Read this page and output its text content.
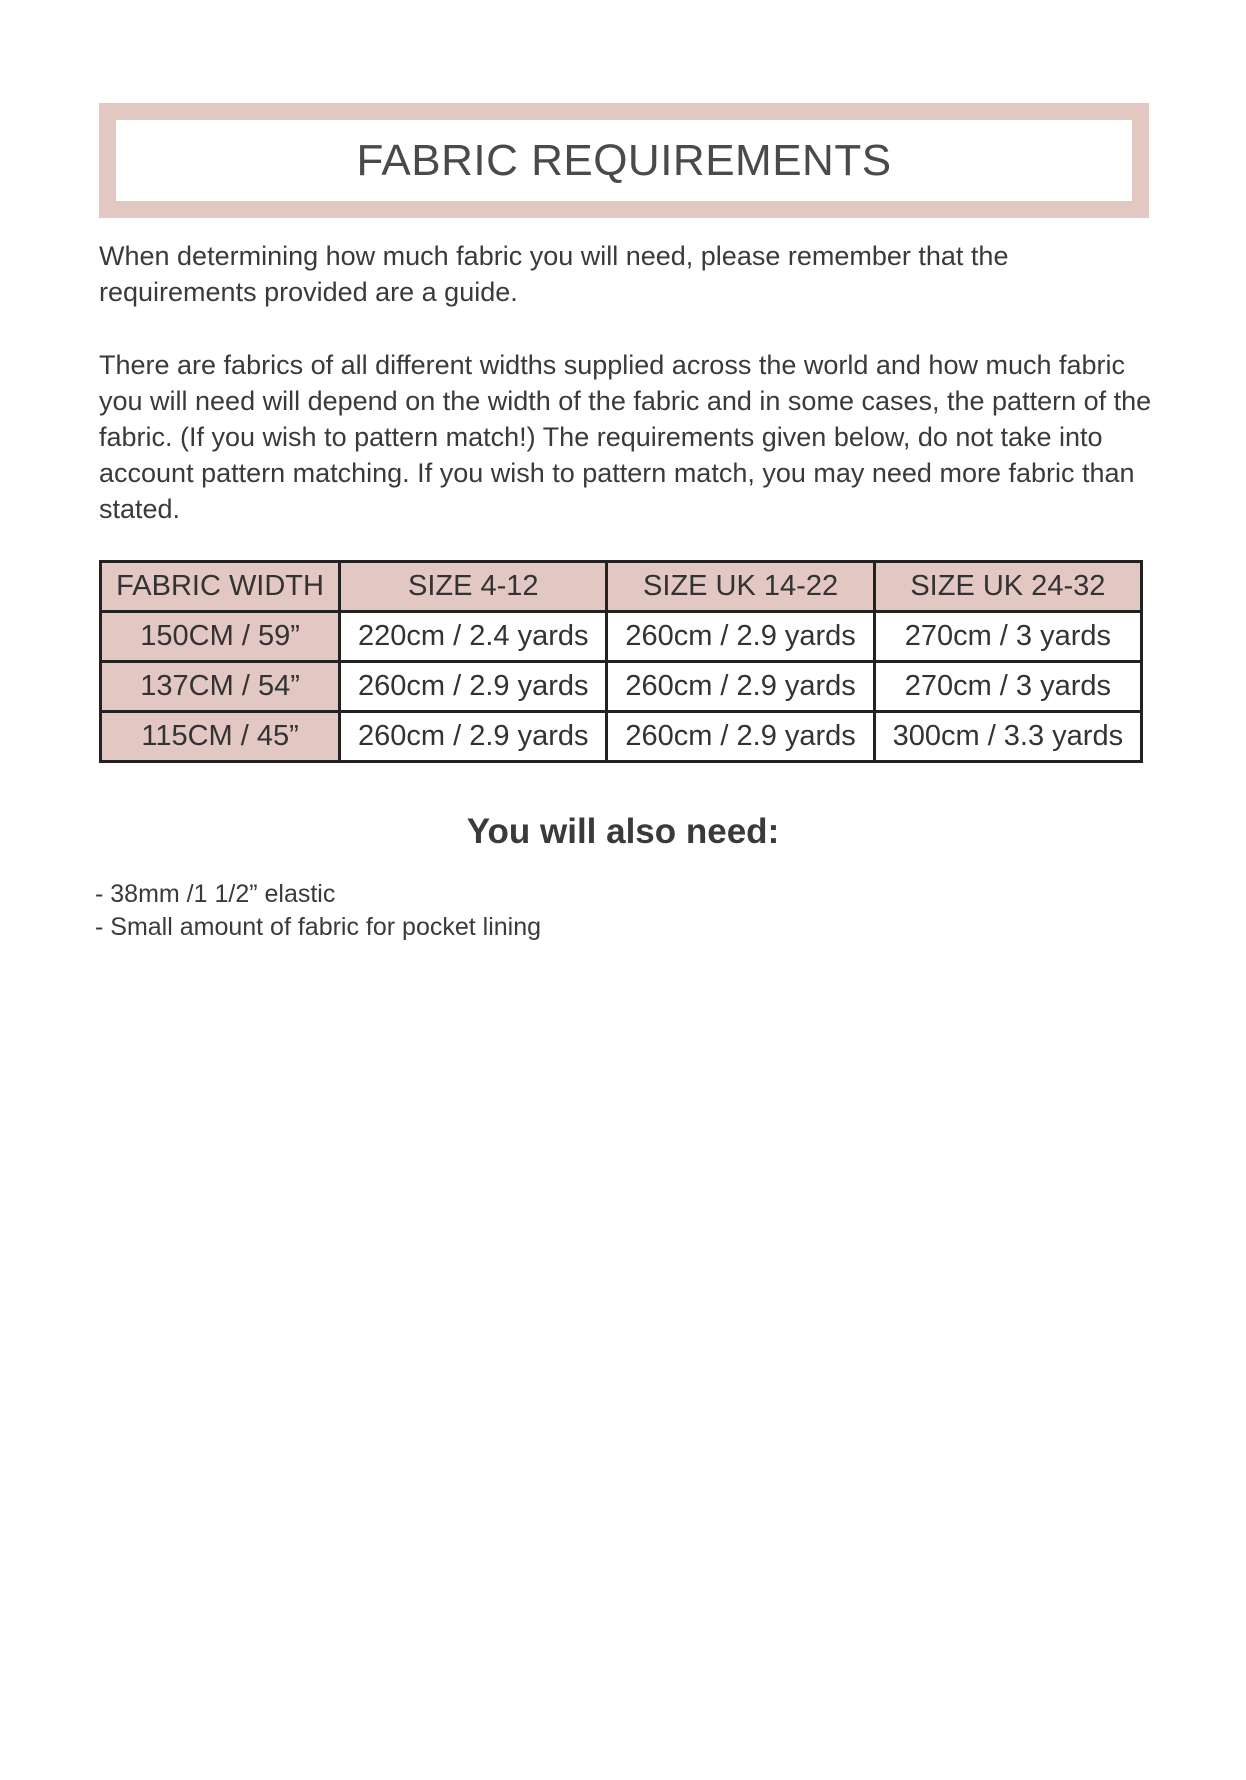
FABRIC REQUIREMENTS

When determining how much fabric you will need, please remember that the requirements provided are a guide.

There are fabrics of all different widths supplied across the world and how much fabric you will need will depend on the width of the fabric and in some cases, the pattern of the fabric. (If you wish to pattern match!) The requirements given below, do not take into account pattern matching. If you wish to pattern match, you may need more fabric than stated.

FABRIC WIDTH	SIZE 4-12	SIZE UK 14-22	SIZE UK 24-32
150CM / 59”	220cm / 2.4 yards	260cm / 2.9 yards	270cm / 3 yards
137CM / 54”	260cm / 2.9 yards	260cm / 2.9 yards	270cm / 3 yards
115CM / 45”	260cm / 2.9 yards	260cm / 2.9 yards	300cm / 3.3 yards
You will also need:
- 38mm /1 1/2” elastic
- Small amount of fabric for pocket lining
